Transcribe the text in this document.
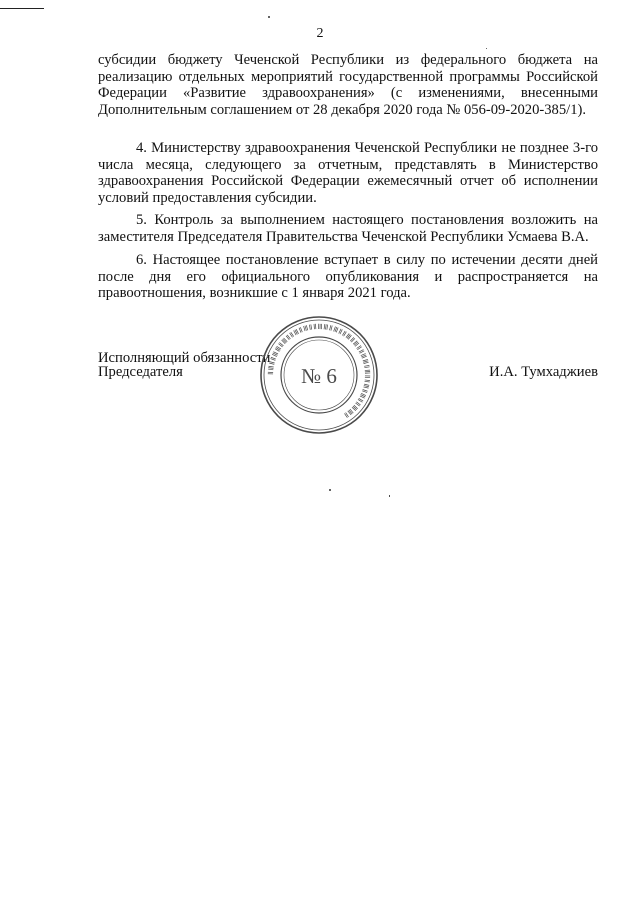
2

субсидии бюджету Чеченской Республики из федерального бюджета на реализацию отдельных мероприятий государственной программы Российской Федерации «Развитие здравоохранения» (с изменениями, внесенными Дополнительным соглашением от 28 декабря 2020 года № 056-09-2020-385/1).

4. Министерству здравоохранения Чеченской Республики не позднее 3-го числа месяца, следующего за отчетным, представлять в Министерство здравоохранения Российской Федерации ежемесячный отчет об исполнении условий предоставления субсидии.

5. Контроль за выполнением настоящего постановления возложить на заместителя Председателя Правительства Чеченской Республики Усмаева В.А.

6. Настоящее постановление вступает в силу по истечении десяти дней после дня его официального опубликования и распространяется на правоотношения, возникшие с 1 января 2021 года.

Исполняющий обязанности
Председателя	ⅡⅢⅡⅡⅢⅢⅡⅢⅡⅡⅢⅡⅢⅡⅡⅢⅢⅡⅢⅡⅡⅢⅡⅢⅡⅡⅢⅢⅡⅢⅡⅡⅢⅡⅢⅡⅡⅢⅢⅡ
№ 6	И.А. Тумхаджиев
